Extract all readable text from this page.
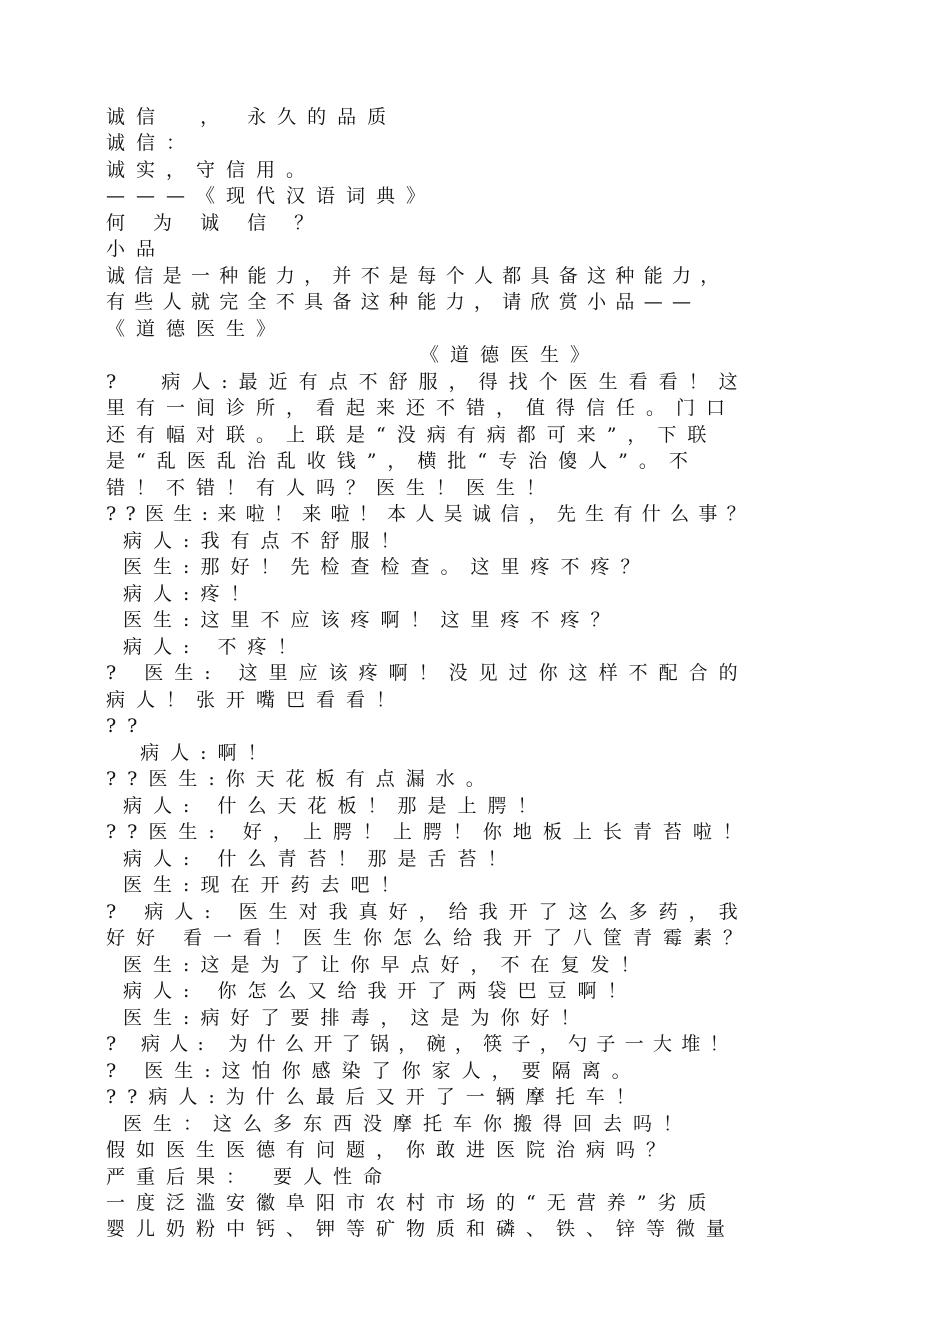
诚信  ， 永久的品质
诚信：
诚实，守信用。
———《现代汉语词典》
何 为 诚 信 ？
小品
诚信是一种能力，并不是每个人都具备这种能力，
有些人就完全不具备这种能力，请欣赏小品——
《道德医生》
《道德医生》
?  病人:最近有点不舒服，得找个医生看看！这
里有一间诊所，看起来还不错，值得信任。门口
还有幅对联。上联是“没病有病都可来”，下联
是“乱医乱治乱收钱”，横批“专治傻人”。不
错！不错！有人吗？医生！医生！
??医生:来啦！来啦！本人吴诚信，先生有什么事？
病人:我有点不舒服！
医生:那好！先检查检查。这里疼不疼？
病人:疼！
医生:这里不应该疼啊！这里疼不疼？
病人: 不疼！
? 医生: 这里应该疼啊！没见过你这样不配合的
病人！张开嘴巴看看！
??
病人:啊！
??医生:你天花板有点漏水。
病人: 什么天花板！那是上腭！
??医生: 好，上腭！上腭！你地板上长青苔啦！
病人: 什么青苔！那是舌苔！
医生:现在开药去吧！
? 病人: 医生对我真好，给我开了这么多药，我
好好 看一看！医生你怎么给我开了八筐青霉素？
医生:这是为了让你早点好，不在复发！
病人: 你怎么又给我开了两袋巴豆啊！
医生:病好了要排毒，这是为你好！
? 病人: 为什么开了锅，碗，筷子，勺子一大堆！
? 医生:这怕你感染了你家人，要隔离。
??病人:为什么最后又开了一辆摩托车！
医生：这么多东西没摩托车你搬得回去吗！
假如医生医德有问题，你敢进医院治病吗？
严重后果： 要人性命
一度泛滥安徽阜阳市农村市场的“无营养”劣质
婴儿奶粉中钙、钾等矿物质和磷、铁、锌等微量
